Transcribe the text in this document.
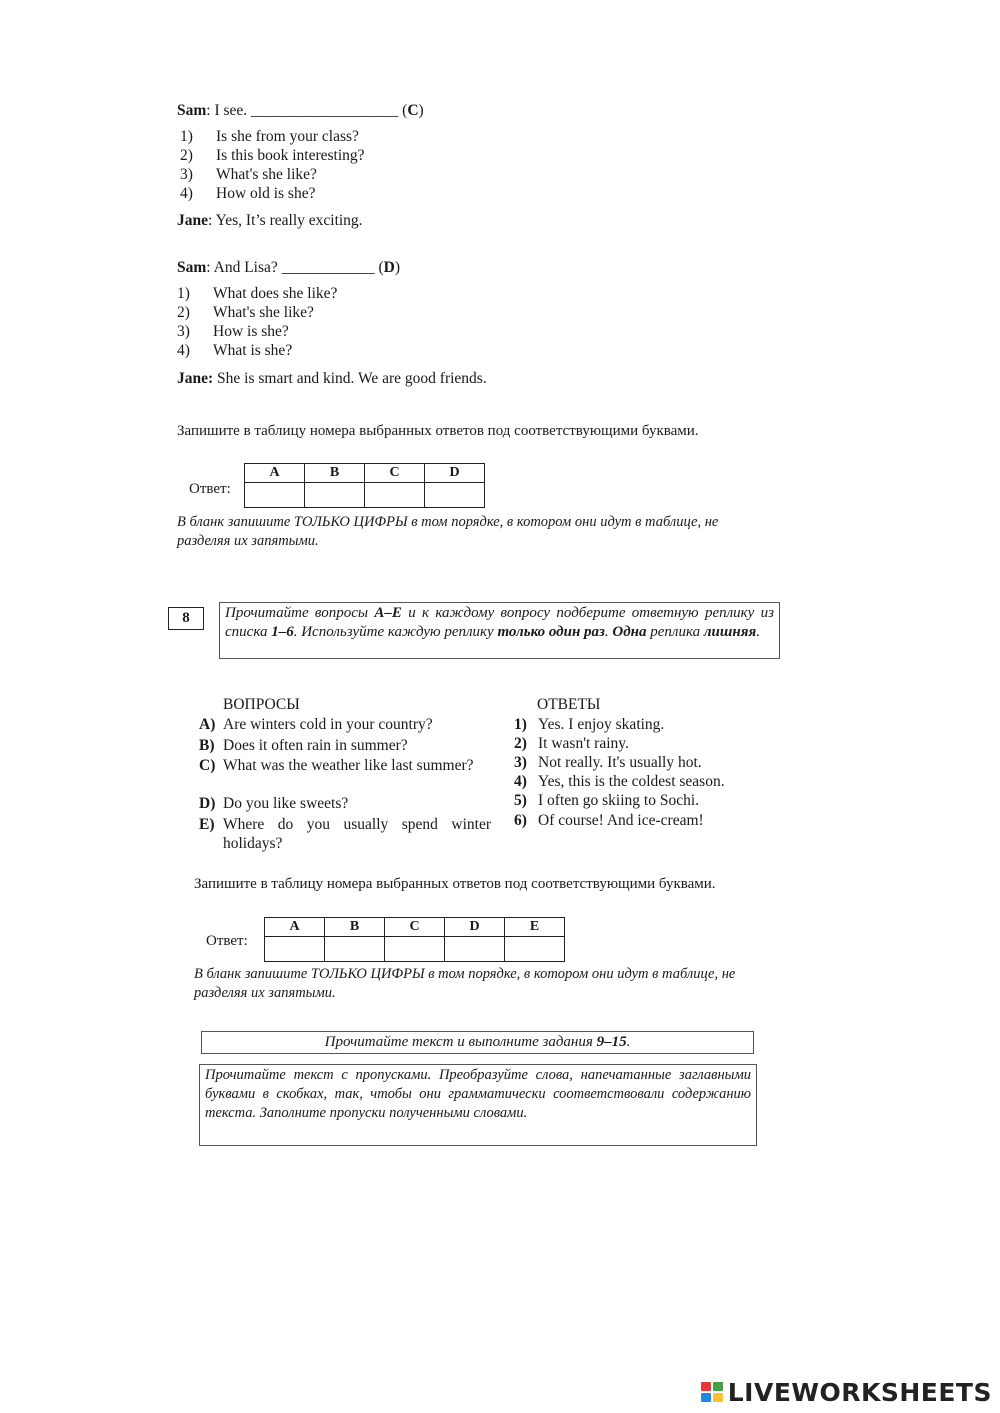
Sam: I see. ___________________ (C)
1) Is she from your class?
2) Is this book interesting?
3) What's she like?
4) How old is she?
Jane: Yes, It’s really exciting.
Sam: And Lisa? ____________ (D)
1) What does she like?
2) What's she like?
3) How is she?
4) What is she?
Jane: She is smart and kind. We are good friends.
Запишите в таблицу номера выбранных ответов под соответствующими буквами.
Ответ:
A	B	C	D

В бланк запишите ТОЛЬКО ЦИФРЫ в том порядке, в котором они идут в таблице, не разделяя их запятыми.
8	Прочитайте вопросы А–Е и к каждому вопросу подберите ответную реплику из списка 1–6. Используйте каждую реплику только один раз. Одна реплика лишняя.
ВОПРОСЫ	ОТВЕТЫ
A) Are winters cold in your country?
B) Does it often rain in summer?
C) What was the weather like last summer?
D) Do you like sweets?
E) Where do you usually spend winter holidays?
1) Yes. I enjoy skating.
2) It wasn't rainy.
3) Not really. It's usually hot.
4) Yes, this is the coldest season.
5) I often go skiing to Sochi.
6)Of course! And ice-cream!
Запишите в таблицу номера выбранных ответов под соответствующими буквами.
Ответ:
A	B	C	D	E

В бланк запишите ТОЛЬКО ЦИФРЫ в том порядке, в котором они идут в таблице, не разделяя их запятыми.
Прочитайте текст и выполните задания 9–15.
Прочитайте текст с пропусками. Преобразуйте слова, напечатанные заглавными буквами в скобках, так, чтобы они грамматически соответствовали содержанию текста. Заполните пропуски полученными словами.
LIVEWORKSHEETS
